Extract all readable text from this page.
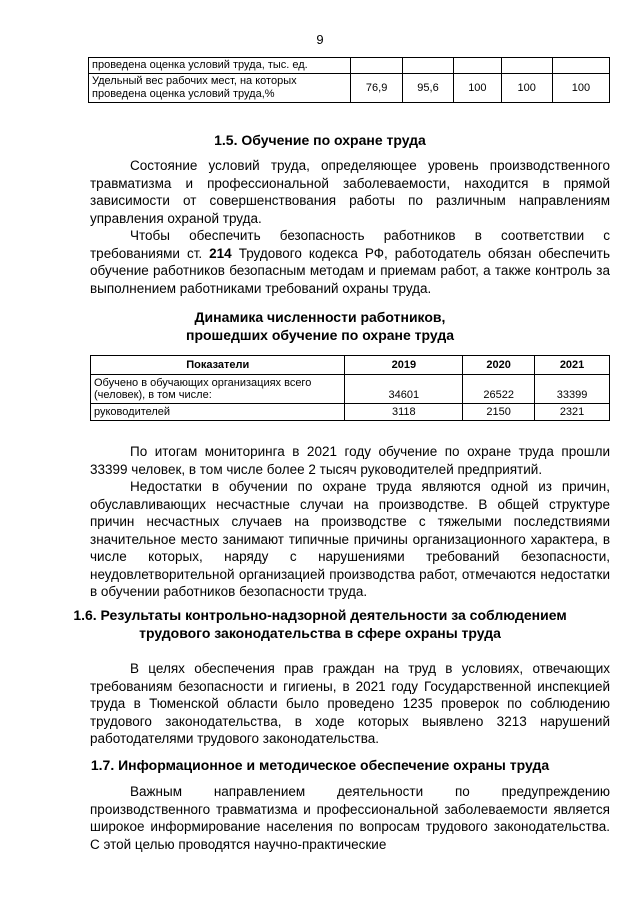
9
проведена оценка условий труда, тыс. ед.					
Удельный вес рабочих мест, на которых проведена оценка условий труда,%	76,9	95,6	100	100	100
1.5. Обучение по охране труда

Состояние условий труда, определяющее уровень производственного травматизма и профессиональной заболеваемости, находится в прямой зависимости от совершенствования работы по различным направлениям управления охраной труда.

Чтобы обеспечить безопасность работников в соответствии с требованиями ст. 214 Трудового кодекса РФ, работодатель обязан обеспечить обучение работников безопасным методам и приемам работ, а также контроль за выполнением работниками требований охраны труда.

Динамика численности работников,
прошедших обучение по охране труда
Показатели	2019	2020	2021
Обучено в обучающих организациях всего (человек), в том числе:	34601	26522	33399
руководителей	3118	2150	2321

По итогам мониторинга в 2021 году обучение по охране труда прошли 33399 человек, в том числе более 2 тысяч руководителей предприятий.

Недостатки в обучении по охране труда являются одной из причин, обуславливающих несчастные случаи на производстве. В общей структуре причин несчастных случаев на производстве с тяжелыми последствиями значительное место занимают типичные причины организационного характера, в числе которых, наряду с нарушениями требований безопасности, неудовлетворительной организацией производства работ, отмечаются недостатки в обучении работников безопасности труда.

1.6. Результаты контрольно-надзорной деятельности за соблюдением
трудового законодательства в сфере охраны труда

В целях обеспечения прав граждан на труд в условиях, отвечающих требованиям безопасности и гигиены, в 2021 году Государственной инспекцией труда в Тюменской области было проведено 1235 проверок по соблюдению трудового законодательства, в ходе которых выявлено 3213 нарушений работодателями трудового законодательства.

1.7. Информационное и методическое обеспечение охраны труда

Важным направлением деятельности по предупреждению производственного травматизма и профессиональной заболеваемости является широкое информирование населения по вопросам трудового законодательства. С этой целью проводятся научно-практические
